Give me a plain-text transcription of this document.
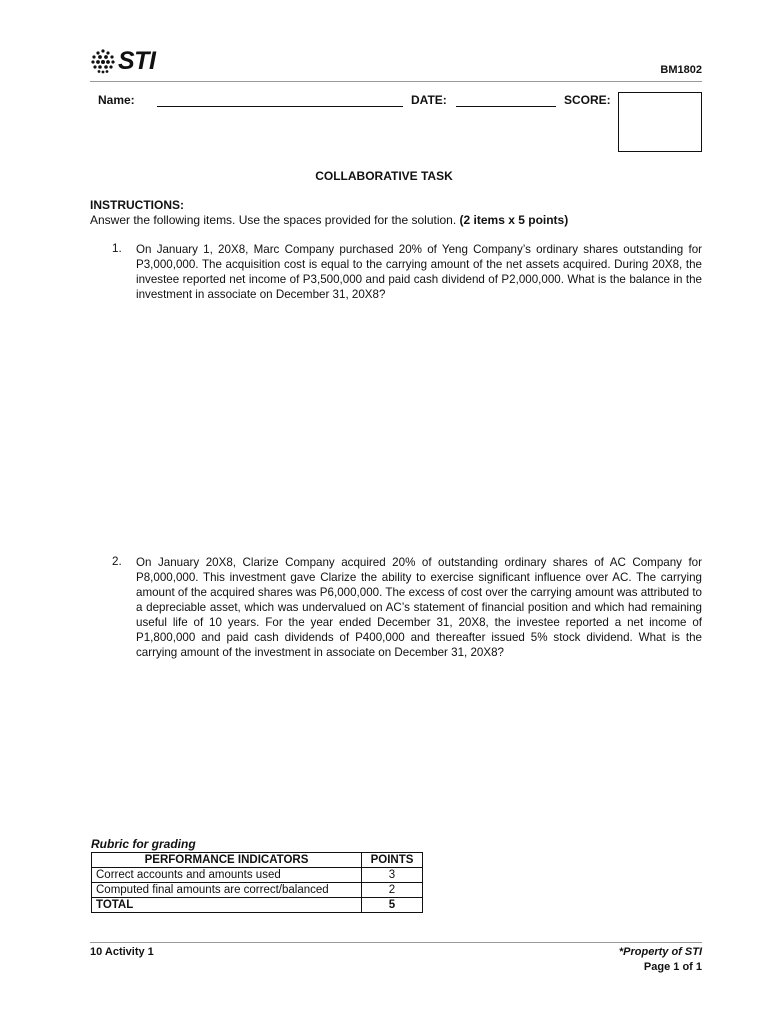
STI	BM1802
Name:	DATE:	SCORE:
COLLABORATIVE TASK
INSTRUCTIONS:
Answer the following items. Use the spaces provided for the solution. (2 items x 5 points)
1. On January 1, 20X8, Marc Company purchased 20% of Yeng Company’s ordinary shares outstanding for P3,000,000. The acquisition cost is equal to the carrying amount of the net assets acquired. During 20X8, the investee reported net income of P3,500,000 and paid cash dividend of P2,000,000. What is the balance in the investment in associate on December 31, 20X8?
2. On January 20X8, Clarize Company acquired 20% of outstanding ordinary shares of AC Company for P8,000,000. This investment gave Clarize the ability to exercise significant influence over AC. The carrying amount of the acquired shares was P6,000,000. The excess of cost over the carrying amount was attributed to a depreciable asset, which was undervalued on AC’s statement of financial position and which had remaining useful life of 10 years. For the year ended December 31, 20X8, the investee reported a net income of P1,800,000 and paid cash dividends of P400,000 and thereafter issued 5% stock dividend. What is the carrying amount of the investment in associate on December 31, 20X8?
Rubric for grading
PERFORMANCE INDICATORS	POINTS
Correct accounts and amounts used	3
Computed final amounts are correct/balanced	2
TOTAL	5
10 Activity 1	*Property of STI
Page 1 of 1
